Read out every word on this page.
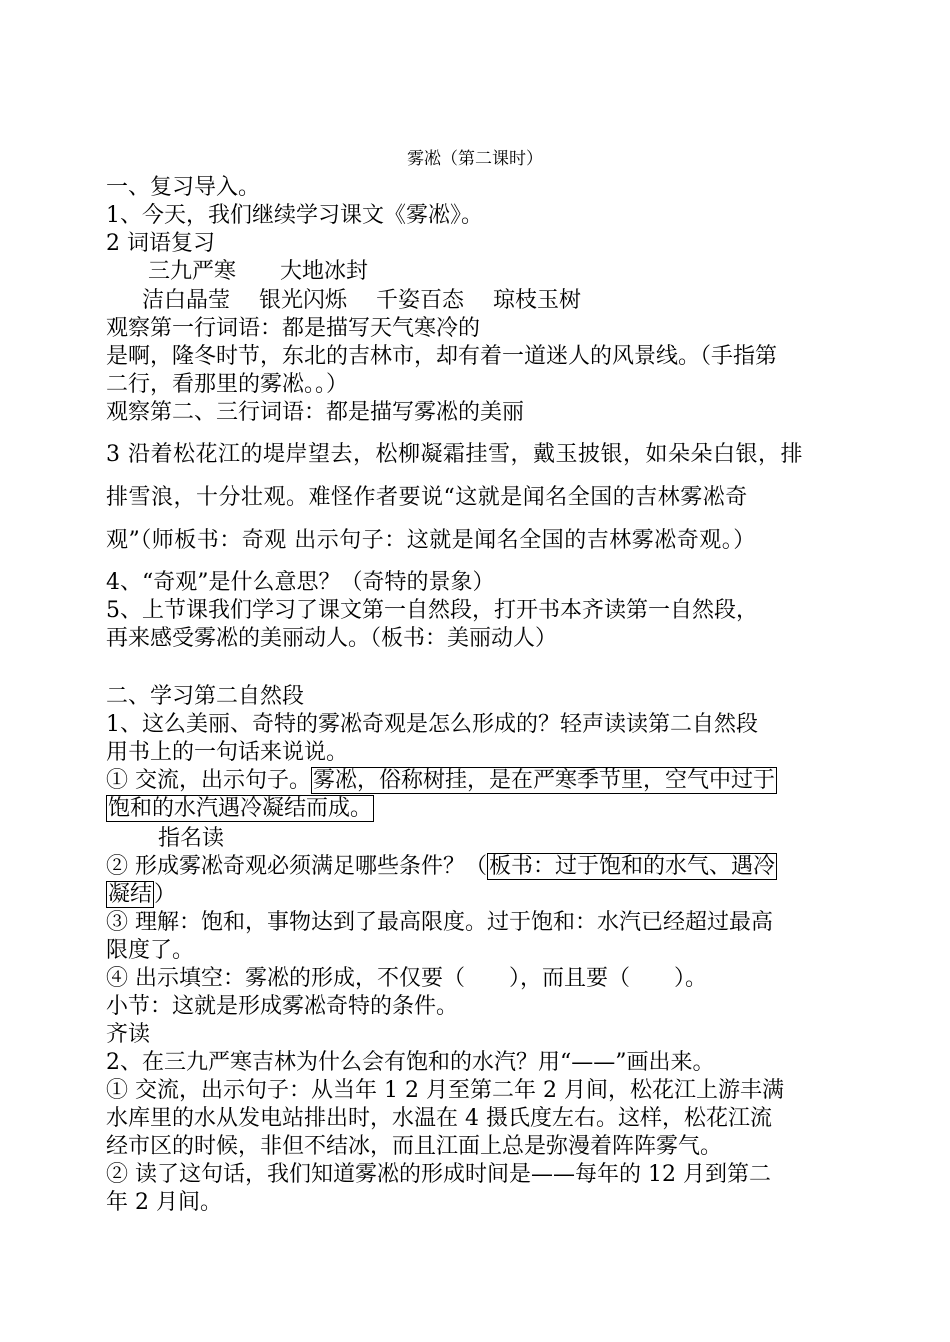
雾凇（第二课时）
一、复习导入。
1、今天，我们继续学习课文《雾凇》。
2 词语复习
三九严寒　　大地冰封
洁白晶莹　 银光闪烁　 千姿百态　 琼枝玉树
观察第一行词语：都是描写天气寒冷的
是啊，隆冬时节，东北的吉林市，却有着一道迷人的风景线。（手指第
二行，看那里的雾凇。。）
观察第二、三行词语：都是描写雾凇的美丽
3 沿着松花江的堤岸望去，松柳凝霜挂雪，戴玉披银，如朵朵白银，排
排雪浪，十分壮观。难怪作者要说“这就是闻名全国的吉林雾凇奇
观”（师板书：奇观 出示句子：这就是闻名全国的吉林雾凇奇观。）
4、“奇观”是什么意思？（奇特的景象）
5、上节课我们学习了课文第一自然段，打开书本齐读第一自然段，
再来感受雾凇的美丽动人。（板书：美丽动人）
二、学习第二自然段
1、这么美丽、奇特的雾凇奇观是怎么形成的？轻声读读第二自然段
用书上的一句话来说说。
① 交流，出示句子。雾凇，俗称树挂，是在严寒季节里，空气中过于
饱和的水汽遇冷凝结而成。
指名读
② 形成雾凇奇观必须满足哪些条件？（板书：过于饱和的水气、遇冷
凝结）
③ 理解：饱和，事物达到了最高限度。过于饱和：水汽已经超过最高
限度了。
④ 出示填空：雾凇的形成，不仅要（　　），而且要（　　）。
小节：这就是形成雾凇奇特的条件。
齐读
2、在三九严寒吉林为什么会有饱和的水汽？用“——”画出来。
① 交流，出示句子：从当年 1 2 月至第二年 2 月间，松花江上游丰满
水库里的水从发电站排出时，水温在 4 摄氏度左右。这样，松花江流
经市区的时候，非但不结冰，而且江面上总是弥漫着阵阵雾气。
② 读了这句话，我们知道雾凇的形成时间是——每年的 12 月到第二
年 2 月间。
